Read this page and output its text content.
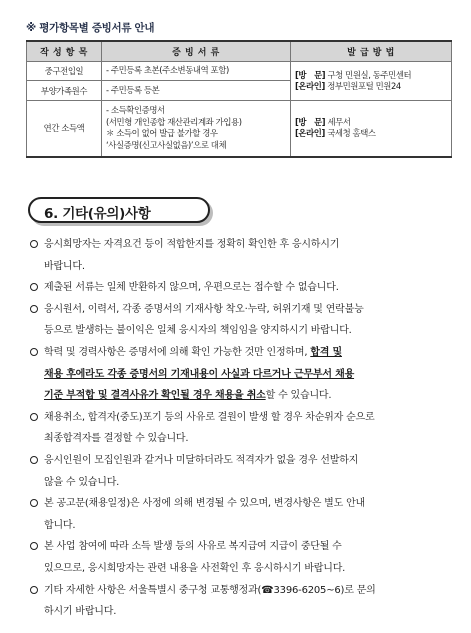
※ 평가항목별 증빙서류 안내
작 성 항 목	증 빙 서 류	발 급 방 법
중구전입일	- 주민등록 초본(주소변동내역 포함)	[방　문] 구청 민원실, 동주민센터
[온라인] 정부민원포털 민원24

부양가족원수	- 주민등록 등본	

연간 소득액	- 소득확인증명서
(서민형 개인종합 재산관리계좌 가입용)
＊ 소득이 없어 발급 불가할 경우
‘사실증명(신고사실없음)’으로 대체	[방　문] 세무서
[온라인] 국세청 홈택스
6. 기타(유의)사항

응시희망자는 자격요건 등이 적합한지를 정확히 확인한 후 응시하시기
바랍니다.

제출된 서류는 일체 반환하지 않으며, 우편으로는 접수할 수 없습니다.

응시원서, 이력서, 각종 증명서의 기재사항 착오·누락, 허위기재 및 연락불능
등으로 발생하는 불이익은 일체 응시자의 책임임을 양지하시기 바랍니다.

학력 및 경력사항은 증명서에 의해 확인 가능한 것만 인정하며, 합격 및
채용 후에라도 각종 증명서의 기재내용이 사실과 다르거나 근무부서 채용
기준 부적합 및 결격사유가 확인될 경우 채용을 취소할 수 있습니다.

채용취소, 합격자(중도)포기 등의 사유로 결원이 발생 할 경우 차순위자 순으로
최종합격자를 결정할 수 있습니다.

응시인원이 모집인원과 같거나 미달하더라도 적격자가 없을 경우 선발하지
않을 수 있습니다.

본 공고문(채용일정)은 사정에 의해 변경될 수 있으며, 변경사항은 별도 안내
합니다.

본 사업 참여에 따라 소득 발생 등의 사유로 복지급여 지급이 중단될 수
있으므로, 응시희망자는 관련 내용을 사전확인 후 응시하시기 바랍니다.

기타 자세한 사항은 서울특별시 중구청 교통행정과(☎3396-6205~6)로 문의
하시기 바랍니다.
